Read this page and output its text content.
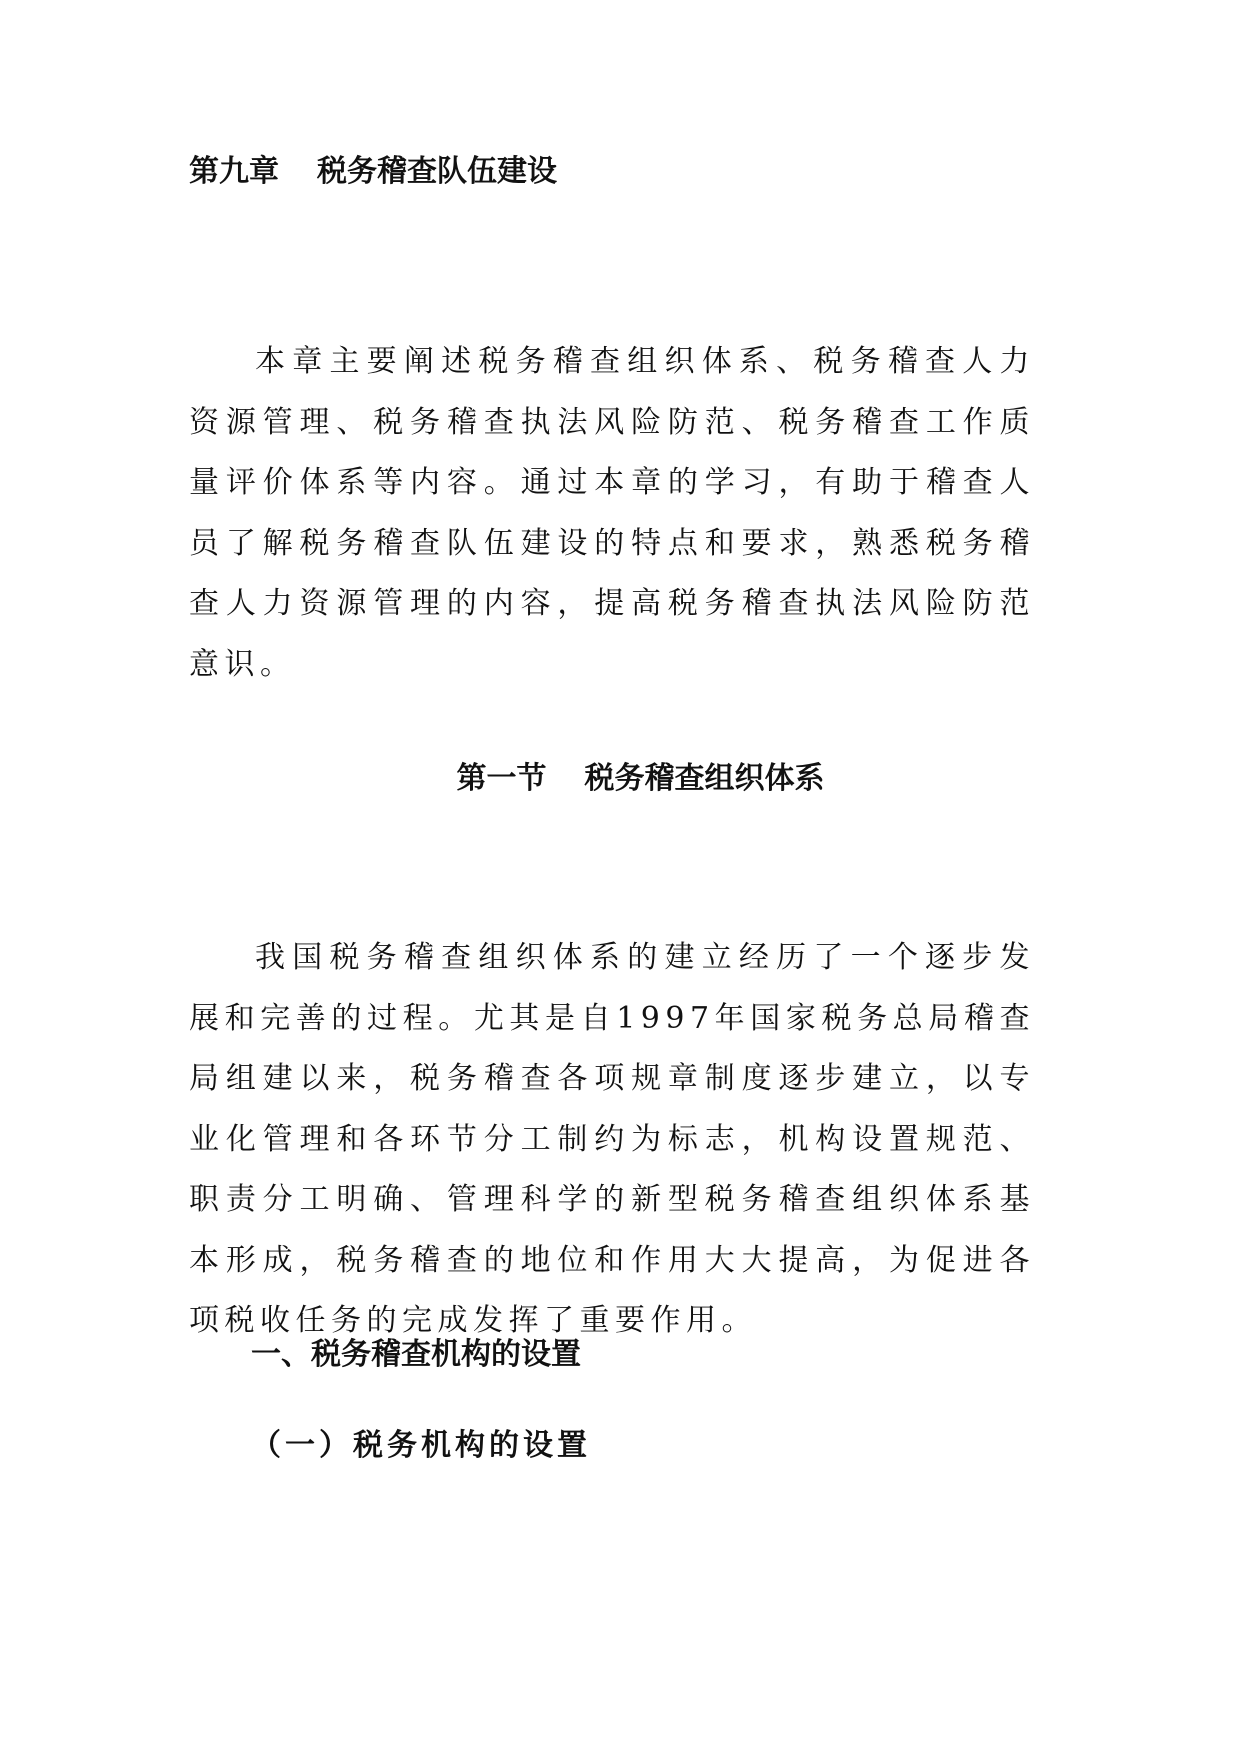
第九章 税务稽查队伍建设

本章主要阐述税务稽查组织体系、税务稽查人力资源管理、税务稽查执法风险防范、税务稽查工作质量评价体系等内容。通过本章的学习，有助于稽查人员了解税务稽查队伍建设的特点和要求，熟悉税务稽查人力资源管理的内容，提高税务稽查执法风险防范意识。

第一节 税务稽查组织体系

我国税务稽查组织体系的建立经历了一个逐步发展和完善的过程。尤其是自1997年国家税务总局稽查局组建以来，税务稽查各项规章制度逐步建立，以专业化管理和各环节分工制约为标志，机构设置规范、职责分工明确、管理科学的新型税务稽查组织体系基本形成，税务稽查的地位和作用大大提高，为促进各项税收任务的完成发挥了重要作用。

一、税务稽查机构的设置
（一）税务机构的设置
